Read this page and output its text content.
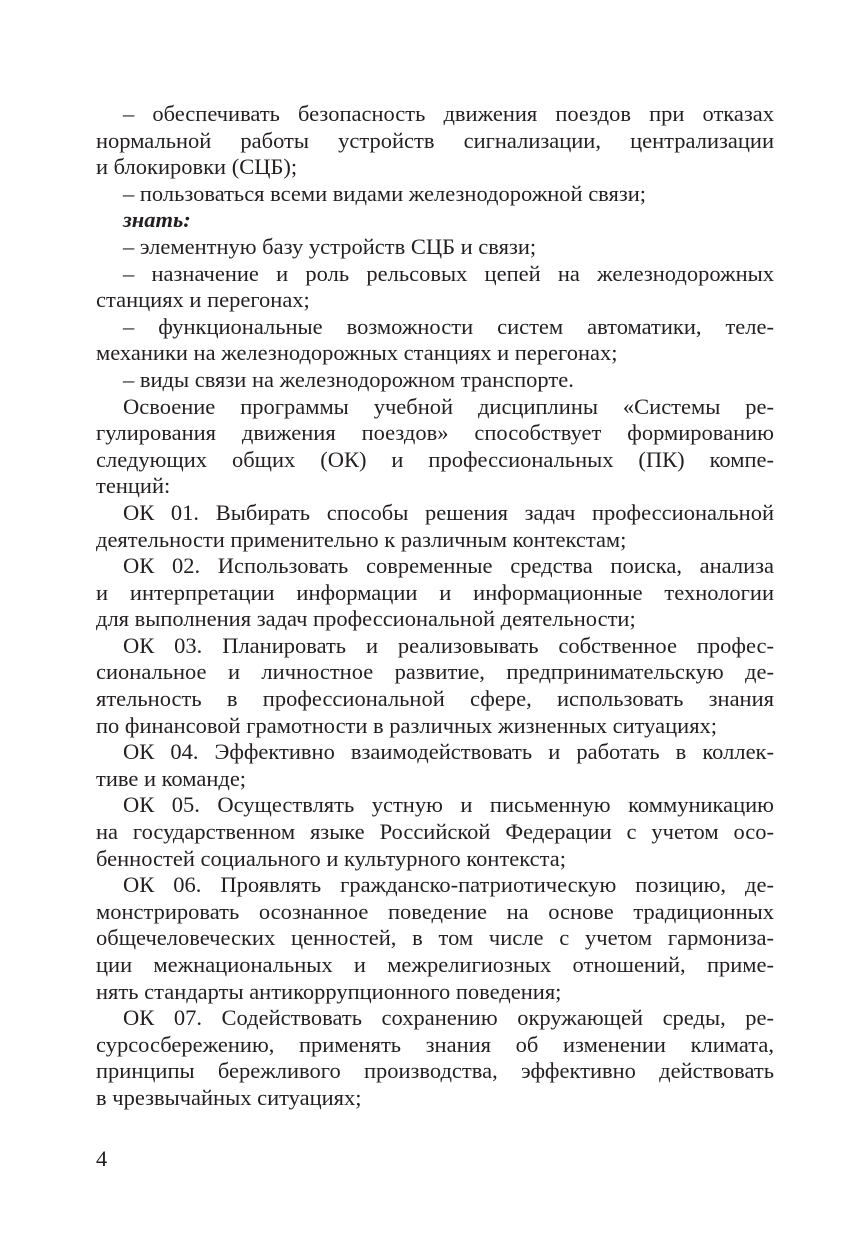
– обеспечивать безопасность движения поездов при отказах
нормальной работы устройств сигнализации, централизации
и блокировки (СЦБ);
– пользоваться всеми видами железнодорожной связи;
знать:
– элементную базу устройств СЦБ и связи;
– назначение и роль рельсовых цепей на железнодорожных
станциях и перегонах;
– функциональные возможности систем автоматики, теле-
механики на железнодорожных станциях и перегонах;
– виды связи на железнодорожном транспорте.
Освоение программы учебной дисциплины «Системы ре-
гулирования движения поездов» способствует формированию
следующих общих (ОК) и профессиональных (ПК) компе-
тенций:
ОК 01. Выбирать способы решения задач профессиональной
деятельности применительно к различным контекстам;
ОК 02. Использовать современные средства поиска, анализа
и интерпретации информации и информационные технологии
для выполнения задач профессиональной деятельности;
ОК 03. Планировать и реализовывать собственное профес-
сиональное и личностное развитие, предпринимательскую де-
ятельность в профессиональной сфере, использовать знания
по финансовой грамотности в различных жизненных ситуациях;
ОК 04. Эффективно взаимодействовать и работать в коллек-
тиве и команде;
ОК 05. Осуществлять устную и письменную коммуникацию
на государственном языке Российской Федерации с учетом осо-
бенностей социального и культурного контекста;
ОК 06. Проявлять гражданско-патриотическую позицию, де-
монстрировать осознанное поведение на основе традиционных
общечеловеческих ценностей, в том числе с учетом гармониза-
ции межнациональных и межрелигиозных отношений, приме-
нять стандарты антикоррупционного поведения;
ОК 07. Содействовать сохранению окружающей среды, ре-
сурсосбережению, применять знания об изменении климата,
принципы бережливого производства, эффективно действовать
в чрезвычайных ситуациях;
4
